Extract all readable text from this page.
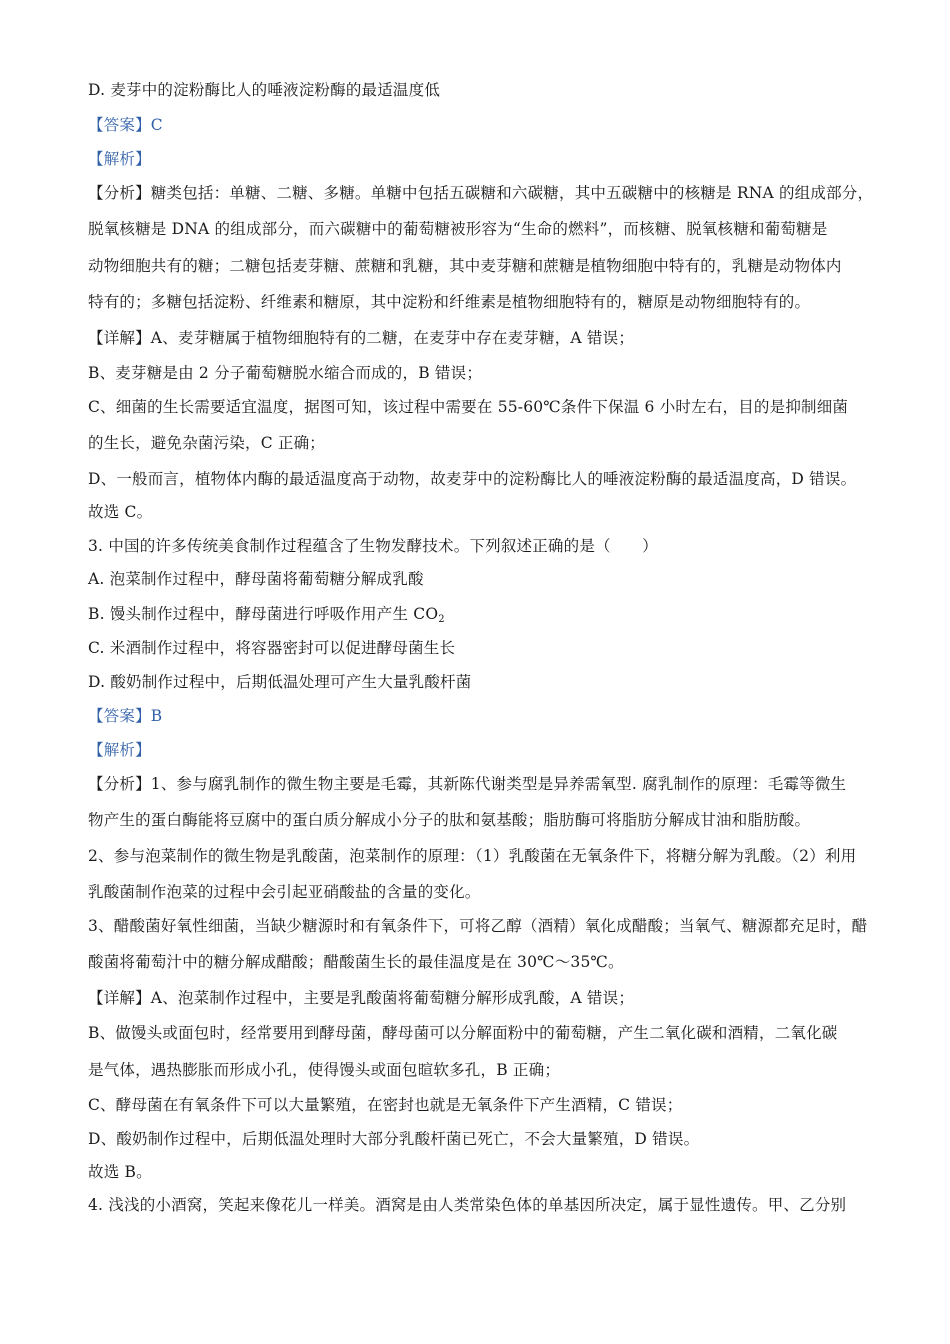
D. 麦芽中的淀粉酶比人的唾液淀粉酶的最适温度低
【答案】C
【解析】
【分析】糖类包括：单糖、二糖、多糖。单糖中包括五碳糖和六碳糖，其中五碳糖中的核糖是 RNA 的组成部分，
脱氧核糖是 DNA 的组成部分，而六碳糖中的葡萄糖被形容为“生命的燃料”，而核糖、脱氧核糖和葡萄糖是
动物细胞共有的糖；二糖包括麦芽糖、蔗糖和乳糖，其中麦芽糖和蔗糖是植物细胞中特有的，乳糖是动物体内
特有的；多糖包括淀粉、纤维素和糖原，其中淀粉和纤维素是植物细胞特有的，糖原是动物细胞特有的。
【详解】A、麦芽糖属于植物细胞特有的二糖，在麦芽中存在麦芽糖，A 错误；
B、麦芽糖是由 2 分子葡萄糖脱水缩合而成的，B 错误；
C、细菌的生长需要适宜温度，据图可知，该过程中需要在 55-60℃条件下保温 6 小时左右，目的是抑制细菌
的生长，避免杂菌污染，C 正确；
D、一般而言，植物体内酶的最适温度高于动物，故麦芽中的淀粉酶比人的唾液淀粉酶的最适温度高，D 错误。
故选 C。
3. 中国的许多传统美食制作过程蕴含了生物发酵技术。下列叙述正确的是（　　）
A. 泡菜制作过程中，酵母菌将葡萄糖分解成乳酸
B. 馒头制作过程中，酵母菌进行呼吸作用产生 $CO_2$
C. 米酒制作过程中，将容器密封可以促进酵母菌生长
D. 酸奶制作过程中，后期低温处理可产生大量乳酸杆菌
【答案】B
【解析】
【分析】1、参与腐乳制作的微生物主要是毛霉，其新陈代谢类型是异养需氧型. 腐乳制作的原理：毛霉等微生
物产生的蛋白酶能将豆腐中的蛋白质分解成小分子的肽和氨基酸；脂肪酶可将脂肪分解成甘油和脂肪酸。
2、参与泡菜制作的微生物是乳酸菌，泡菜制作的原理：（1）乳酸菌在无氧条件下，将糖分解为乳酸。（2）利用
乳酸菌制作泡菜的过程中会引起亚硝酸盐的含量的变化。
3、醋酸菌好氧性细菌，当缺少糖源时和有氧条件下，可将乙醇（酒精）氧化成醋酸；当氧气、糖源都充足时，醋
酸菌将葡萄汁中的糖分解成醋酸；醋酸菌生长的最佳温度是在 30℃～35℃。
【详解】A、泡菜制作过程中，主要是乳酸菌将葡萄糖分解形成乳酸，A 错误；
B、做馒头或面包时，经常要用到酵母菌，酵母菌可以分解面粉中的葡萄糖，产生二氧化碳和酒精，二氧化碳
是气体，遇热膨胀而形成小孔，使得馒头或面包暄软多孔，B 正确；
C、酵母菌在有氧条件下可以大量繁殖，在密封也就是无氧条件下产生酒精，C 错误；
D、酸奶制作过程中，后期低温处理时大部分乳酸杆菌已死亡，不会大量繁殖，D 错误。
故选 B。
4. 浅浅的小酒窝，笑起来像花儿一样美。酒窝是由人类常染色体的单基因所决定，属于显性遗传。甲、乙分别
